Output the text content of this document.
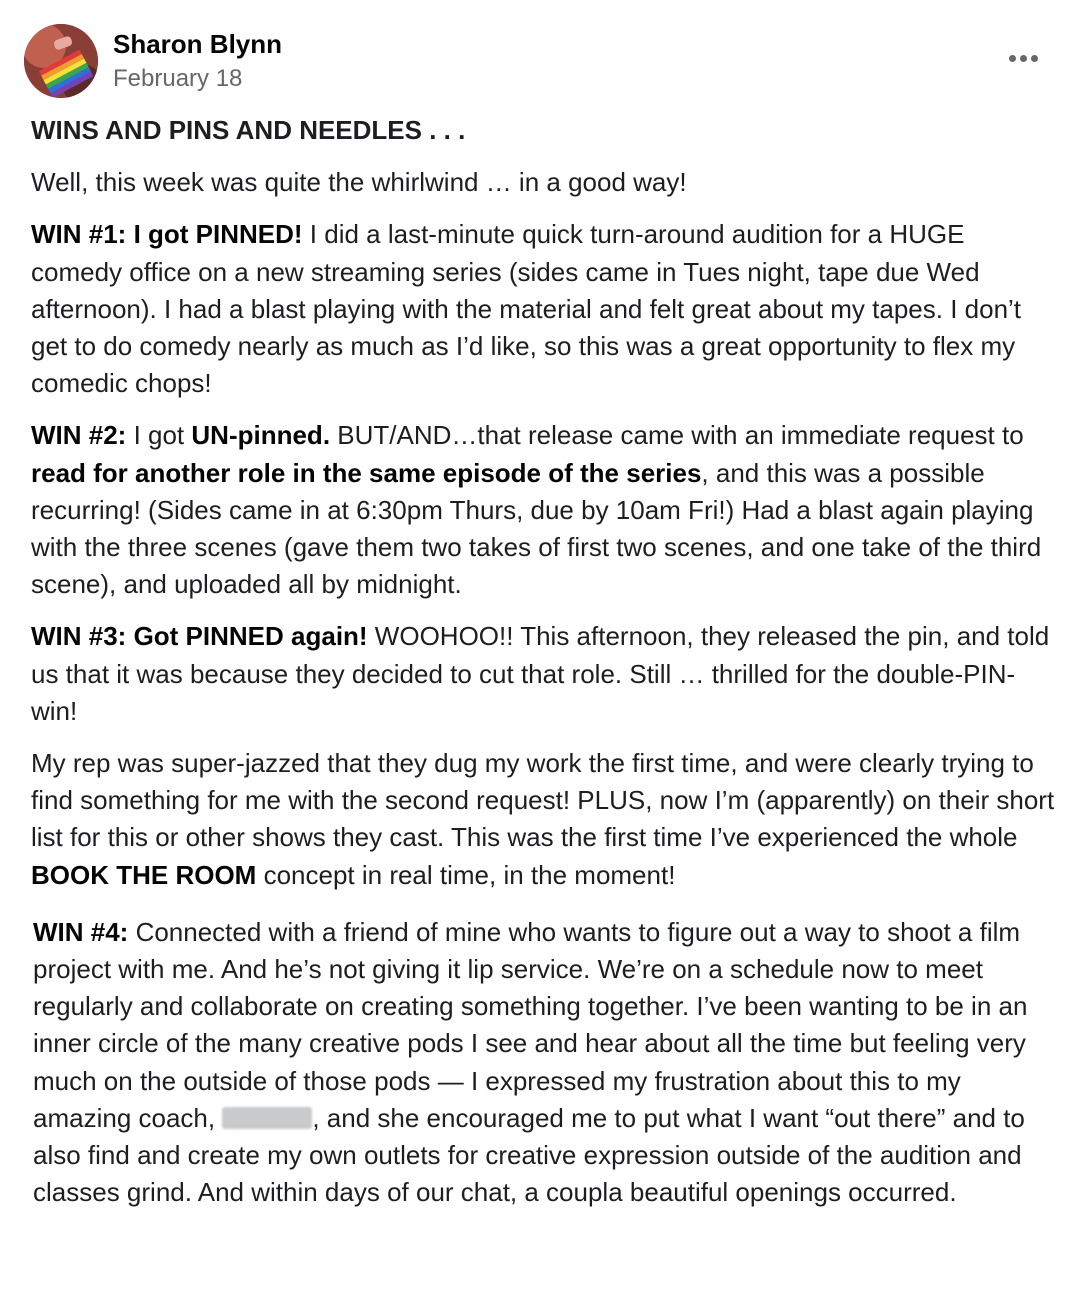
Sharon Blynn
February 18

WINS AND PINS AND NEEDLES . . .

Well, this week was quite the whirlwind … in a good way!

WIN #1: I got PINNED! I did a last-minute quick turn-around audition for a HUGE comedy office on a new streaming series (sides came in Tues night, tape due Wed afternoon). I had a blast playing with the material and felt great about my tapes. I don’t get to do comedy nearly as much as I’d like, so this was a great opportunity to flex my comedic chops!

WIN #2: I got UN-pinned. BUT/AND…that release came with an immediate request to read for another role in the same episode of the series, and this was a possible recurring! (Sides came in at 6:30pm Thurs, due by 10am Fri!) Had a blast again playing with the three scenes (gave them two takes of first two scenes, and one take of the third scene), and uploaded all by midnight.

WIN #3: Got PINNED again! WOOHOO!! This afternoon, they released the pin, and told us that it was because they decided to cut that role. Still … thrilled for the double-PIN-win!

My rep was super-jazzed that they dug my work the first time, and were clearly trying to find something for me with the second request! PLUS, now I’m (apparently) on their short list for this or other shows they cast. This was the first time I’ve experienced the whole BOOK THE ROOM concept in real time, in the moment!

WIN #4: Connected with a friend of mine who wants to figure out a way to shoot a film project with me. And he’s not giving it lip service. We’re on a schedule now to meet regularly and collaborate on creating something together. I’ve been wanting to be in an inner circle of the many creative pods I see and hear about all the time but feeling very much on the outside of those pods — I expressed my frustration about this to my amazing coach,	, and she encouraged me to put what I want “out there” and to also find and create my own outlets for creative expression outside of the audition and classes grind. And within days of our chat, a coupla beautiful openings occurred.
